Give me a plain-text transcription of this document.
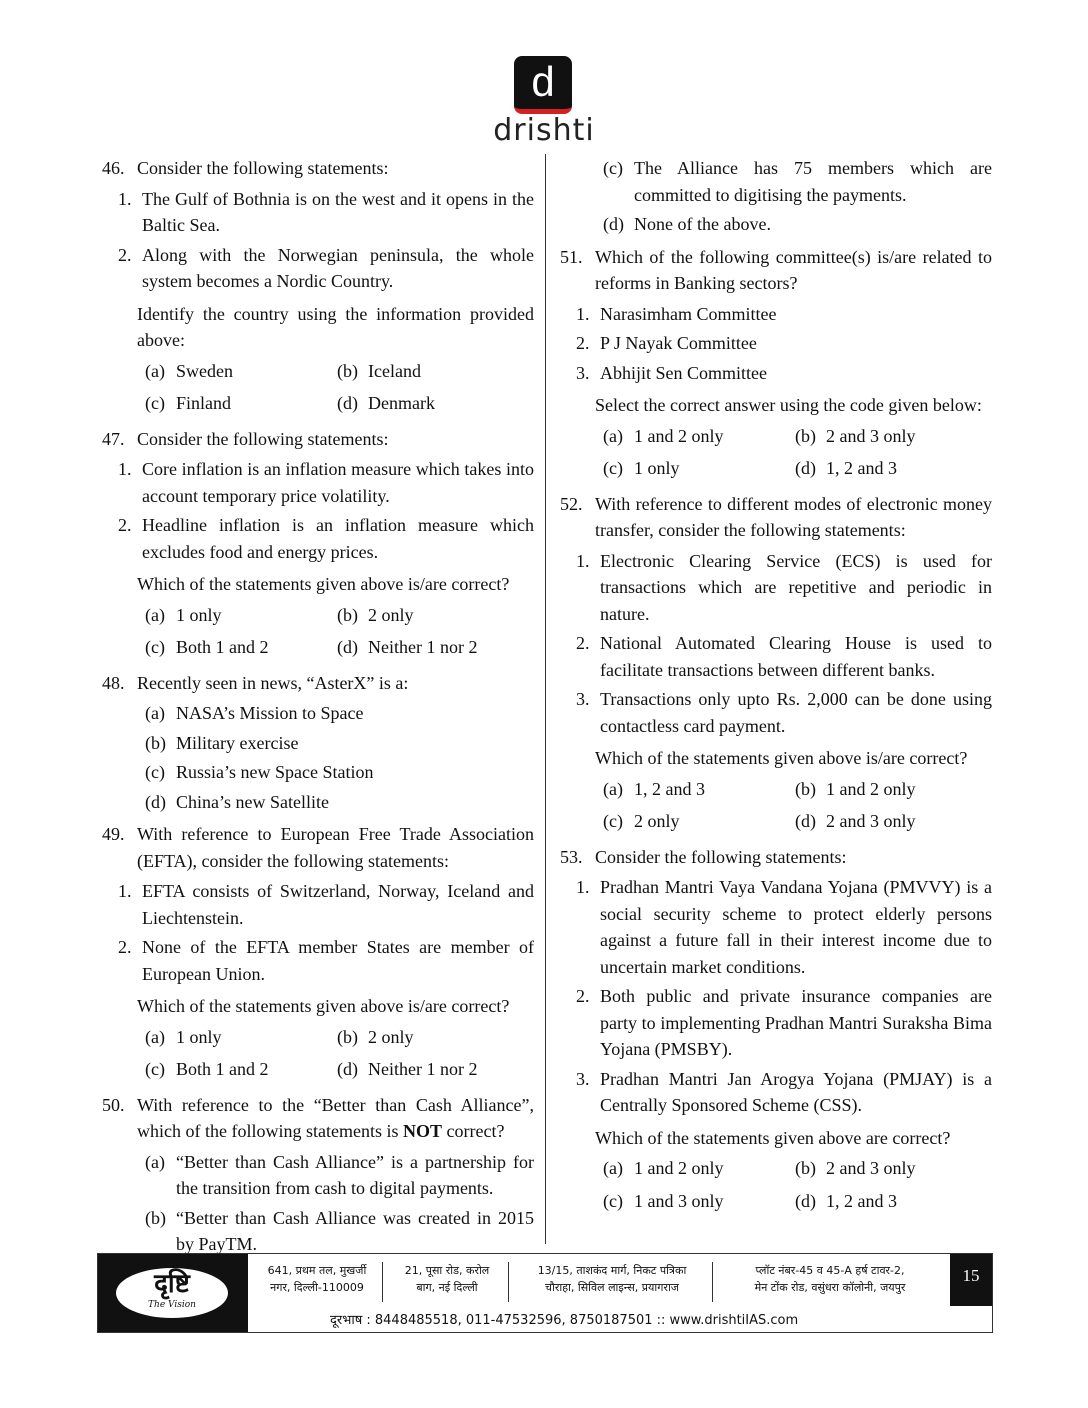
d
drishti
46. Consider the following statements:
1. The Gulf of Bothnia is on the west and it opens in the Baltic Sea.
2. Along with the Norwegian peninsula, the whole system becomes a Nordic Country.
Identify the country using the information provided above:
(a) Sweden	(b) Iceland
(c) Finland	(d) Denmark
47. Consider the following statements:
1. Core inflation is an inflation measure which takes into account temporary price volatility.
2. Headline inflation is an inflation measure which excludes food and energy prices.
Which of the statements given above is/are correct?
(a) 1 only	(b) 2 only
(c) Both 1 and 2	(d) Neither 1 nor 2
48. Recently seen in news, “AsterX” is a:
(a) NASA’s Mission to Space
(b) Military exercise
(c) Russia’s new Space Station
(d) China’s new Satellite
49. With reference to European Free Trade Association (EFTA), consider the following statements:
1. EFTA consists of Switzerland, Norway, Iceland and Liechtenstein.
2. None of the EFTA member States are member of European Union.
Which of the statements given above is/are correct?
(a) 1 only	(b) 2 only
(c) Both 1 and 2	(d) Neither 1 nor 2
50. With reference to the “Better than Cash Alliance”, which of the following statements is NOT correct?
(a) “Better than Cash Alliance” is a partnership for the transition from cash to digital payments.
(b) “Better than Cash Alliance was created in 2015 by PayTM.
(c) The Alliance has 75 members which are committed to digitising the payments.
(d) None of the above.
51. Which of the following committee(s) is/are related to reforms in Banking sectors?
1. Narasimham Committee
2. P J Nayak Committee
3. Abhijit Sen Committee
Select the correct answer using the code given below:
(a) 1 and 2 only	(b) 2 and 3 only
(c) 1 only	(d) 1, 2 and 3
52. With reference to different modes of electronic money transfer, consider the following statements:
1. Electronic Clearing Service (ECS) is used for transactions which are repetitive and periodic in nature.
2. National Automated Clearing House is used to facilitate transactions between different banks.
3. Transactions only upto Rs. 2,000 can be done using contactless card payment.
Which of the statements given above is/are correct?
(a) 1, 2 and 3	(b) 1 and 2 only
(c) 2 only	(d) 2 and 3 only
53. Consider the following statements:
1. Pradhan Mantri Vaya Vandana Yojana (PMVVY) is a social security scheme to protect elderly persons against a future fall in their interest income due to uncertain market conditions.
2. Both public and private insurance companies are party to implementing Pradhan Mantri Suraksha Bima Yojana (PMSBY).
3. Pradhan Mantri Jan Arogya Yojana (PMJAY) is a Centrally Sponsored Scheme (CSS).
Which of the statements given above are correct?
(a) 1 and 2 only	(b) 2 and 3 only
(c) 1 and 3 only	(d) 1, 2 and 3
दृष्टि
The Vision
641, प्रथम तल, मुखर्जी
नगर, दिल्ली-110009
21, पूसा रोड, करोल
बाग, नई दिल्ली
13/15, ताशकंद मार्ग, निकट पत्रिका
चौराहा, सिविल लाइन्स, प्रयागराज
प्लॉट नंबर-45 व 45-A हर्ष टावर-2,
मेन टोंक रोड, वसुंधरा कॉलोनी, जयपुर
15
दूरभाष : 8448485518, 011-47532596, 8750187501 :: www.drishtiIAS.com
